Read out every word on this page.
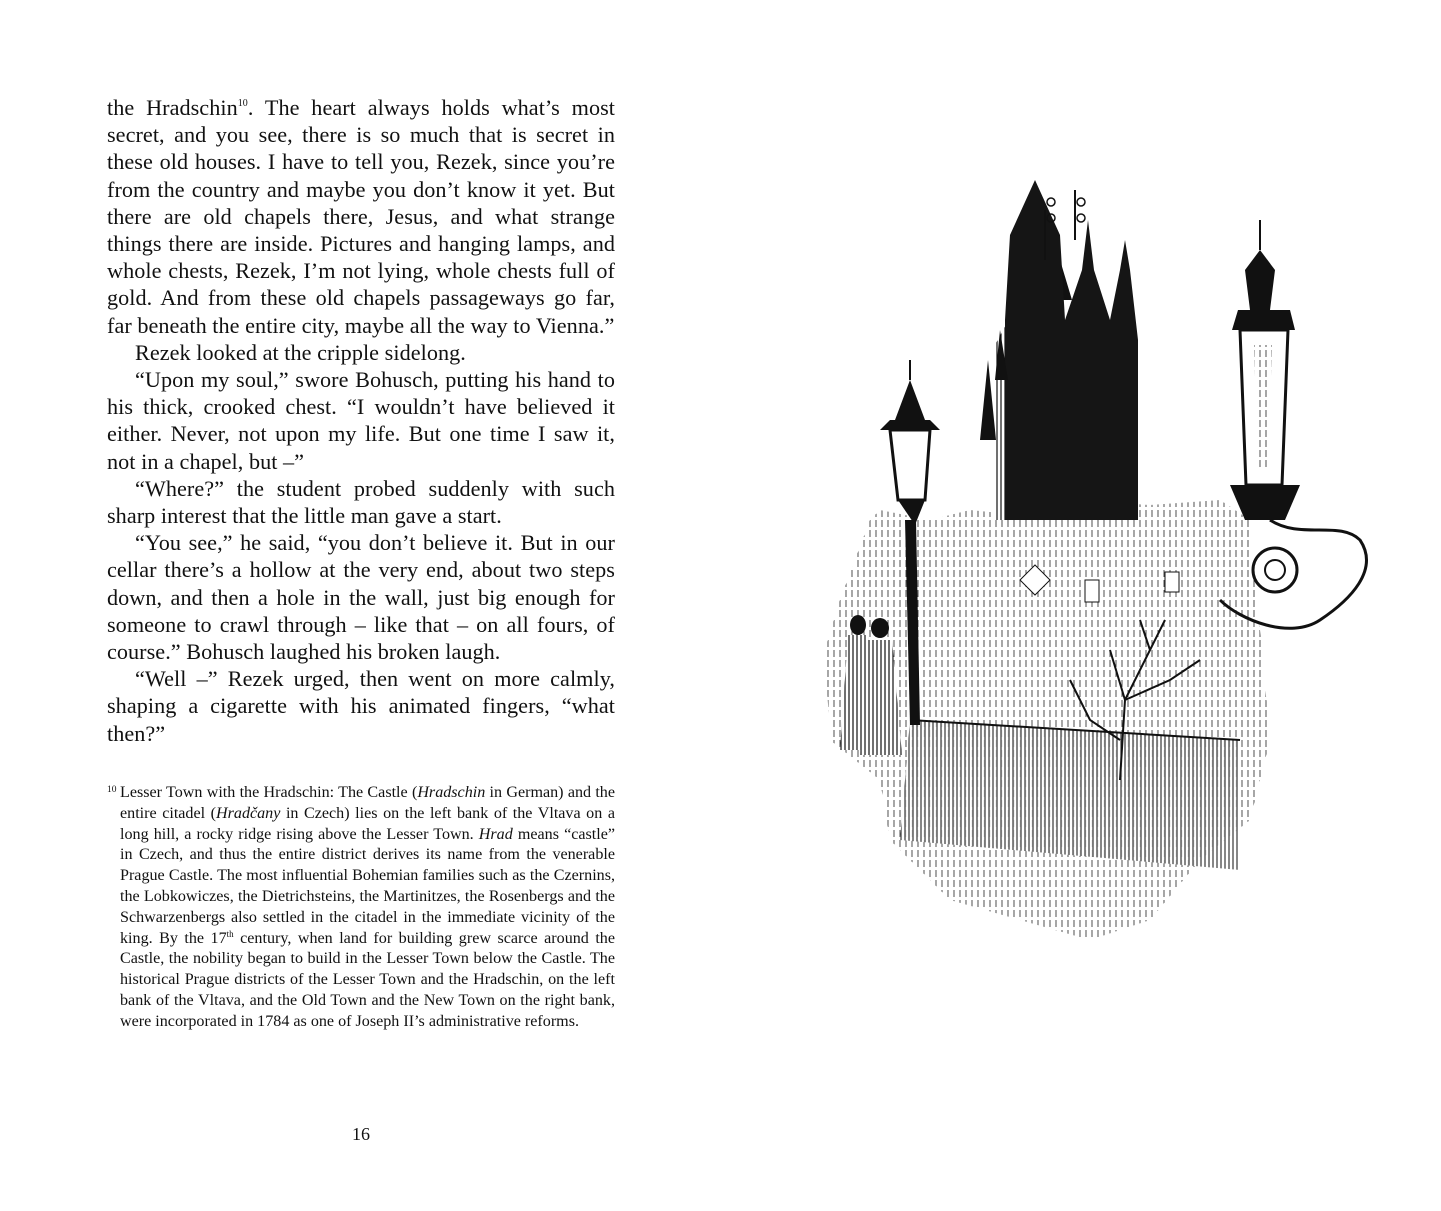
the Hradschin$^{10}$. The heart always holds what’s most secret, and you see, there is so much that is secret in these old houses. I have to tell you, Rezek, since you’re from the country and maybe you don’t know it yet. But there are old chapels there, Jesus, and what strange things there are inside. Pictures and hanging lamps, and whole chests, Rezek, I’m not lying, whole chests full of gold. And from these old chapels passageways go far, far beneath the entire city, maybe all the way to Vienna.”

Rezek looked at the cripple sidelong.

“Upon my soul,” swore Bohusch, putting his hand to his thick, crooked chest. “I wouldn’t have believed it either. Never, not upon my life. But one time I saw it, not in a chapel, but –”

“Where?” the student probed suddenly with such sharp interest that the little man gave a start.

“You see,” he said, “you don’t believe it. But in our cellar there’s a hollow at the very end, about two steps down, and then a hole in the wall, just big enough for someone to crawl through – like that – on all fours, of course.” Bohusch laughed his broken laugh.

“Well –” Rezek urged, then went on more calmly, shaping a cigarette with his animated fingers, “what then?”

10 Lesser Town with the Hradschin: The Castle (Hradschin in German) and the entire citadel (Hradčany in Czech) lies on the left bank of the Vltava on a long hill, a rocky ridge rising above the Lesser Town. Hrad means “castle” in Czech, and thus the entire district derives its name from the venerable Prague Castle. The most influential Bohemian families such as the Czernins, the Lobkowiczes, the Dietrichsteins, the Martinitzes, the Rosenbergs and the Schwarzenbergs also settled in the citadel in the immediate vicinity of the king. By the 17th century, when land for building grew scarce around the Castle, the nobility began to build in the Lesser Town below the Castle. The historical Prague districts of the Lesser Town and the Hradschin, on the left bank of the Vltava, and the Old Town and the New Town on the right bank, were incorporated in 1784 as one of Joseph II’s administrative reforms.
16
